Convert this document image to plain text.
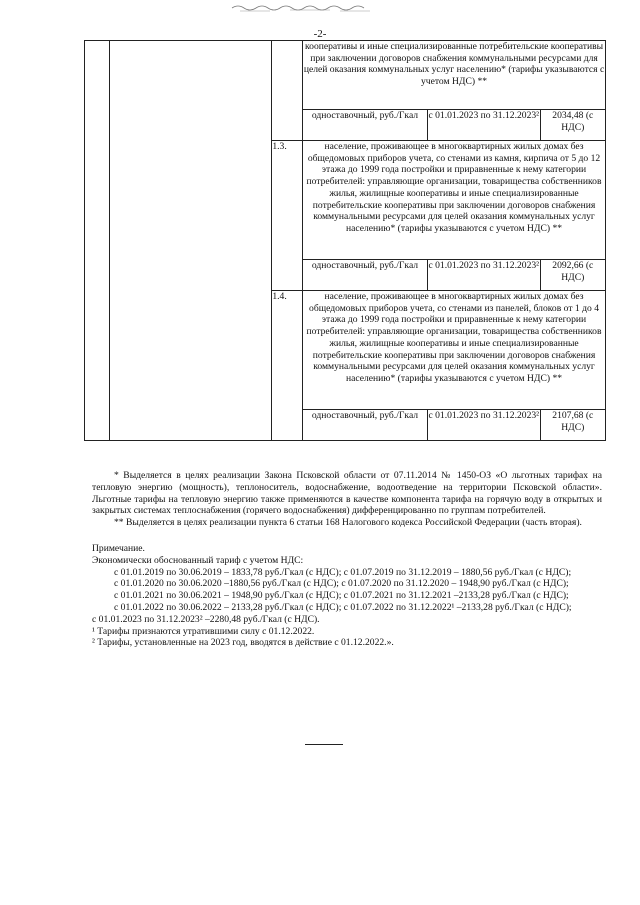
-2-
			кооперативы и иные специализированные потребительские кооперативы при заключении договоров снабжения коммунальными ресурсами для целей оказания коммунальных услуг населению* (тарифы указываются с учетом НДС) **		
			одноставочный, руб./Гкал	с 01.01.2023 по 31.12.2023²	2034,48 (с НДС)
		1.3.	население, проживающее в многоквартирных жилых домах без общедомовых приборов учета, со стенами из камня, кирпича от 5 до 12 этажа до 1999 года постройки и приравненные к нему категории потребителей: управляющие организации, товарищества собственников жилья, жилищные кооперативы и иные специализированные потребительские кооперативы при заключении договоров снабжения коммунальными ресурсами для целей оказания коммунальных услуг населению* (тарифы указываются с учетом НДС) **		
			одноставочный, руб./Гкал	с 01.01.2023 по 31.12.2023²	2092,66 (с НДС)
		1.4.	население, проживающее в многоквартирных жилых домах без общедомовых приборов учета, со стенами из панелей, блоков от 1 до 4 этажа до 1999 года постройки и приравненные к нему категории потребителей: управляющие организации, товарищества собственников жилья, жилищные кооперативы и иные специализированные потребительские кооперативы при заключении договоров снабжения коммунальными ресурсами для целей оказания коммунальных услуг населению* (тарифы указываются с учетом НДС) **		
			одноставочный, руб./Гкал	с 01.01.2023 по 31.12.2023²	2107,68 (с НДС)

* Выделяется в целях реализации Закона Псковской области от 07.11.2014 № 1450-ОЗ «О льготных тарифах на тепловую энергию (мощность), теплоноситель, водоснабжение, водоотведение на территории Псковской области». Льготные тарифы на тепловую энергию также применяются в качестве компонента тарифа на горячую воду в открытых и закрытых системах теплоснабжения (горячего водоснабжения) дифференцированно по группам потребителей.

** Выделяется в целях реализации пункта 6 статьи 168 Налогового кодекса Российской Федерации (часть вторая).

Примечание.

Экономически обоснованный тариф с учетом НДС:

с 01.01.2019 по 30.06.2019 – 1833,78 руб./Гкал (с НДС); с 01.07.2019 по 31.12.2019 – 1880,56 руб./Гкал (с НДС);

с 01.01.2020 по 30.06.2020 –1880,56 руб./Гкал (с НДС); с 01.07.2020 по 31.12.2020 – 1948,90 руб./Гкал (с НДС);

с 01.01.2021 по 30.06.2021 – 1948,90 руб./Гкал (с НДС); с 01.07.2021 по 31.12.2021 –2133,28 руб./Гкал (с НДС);

с 01.01.2022 по 30.06.2022 – 2133,28 руб./Гкал (с НДС); с 01.07.2022 по 31.12.2022¹ –2133,28 руб./Гкал (с НДС);

с 01.01.2023 по 31.12.2023² –2280,48 руб./Гкал (с НДС).

¹ Тарифы признаются утратившими силу с 01.12.2022.

² Тарифы, установленные на 2023 год, вводятся в действие с 01.12.2022.».
